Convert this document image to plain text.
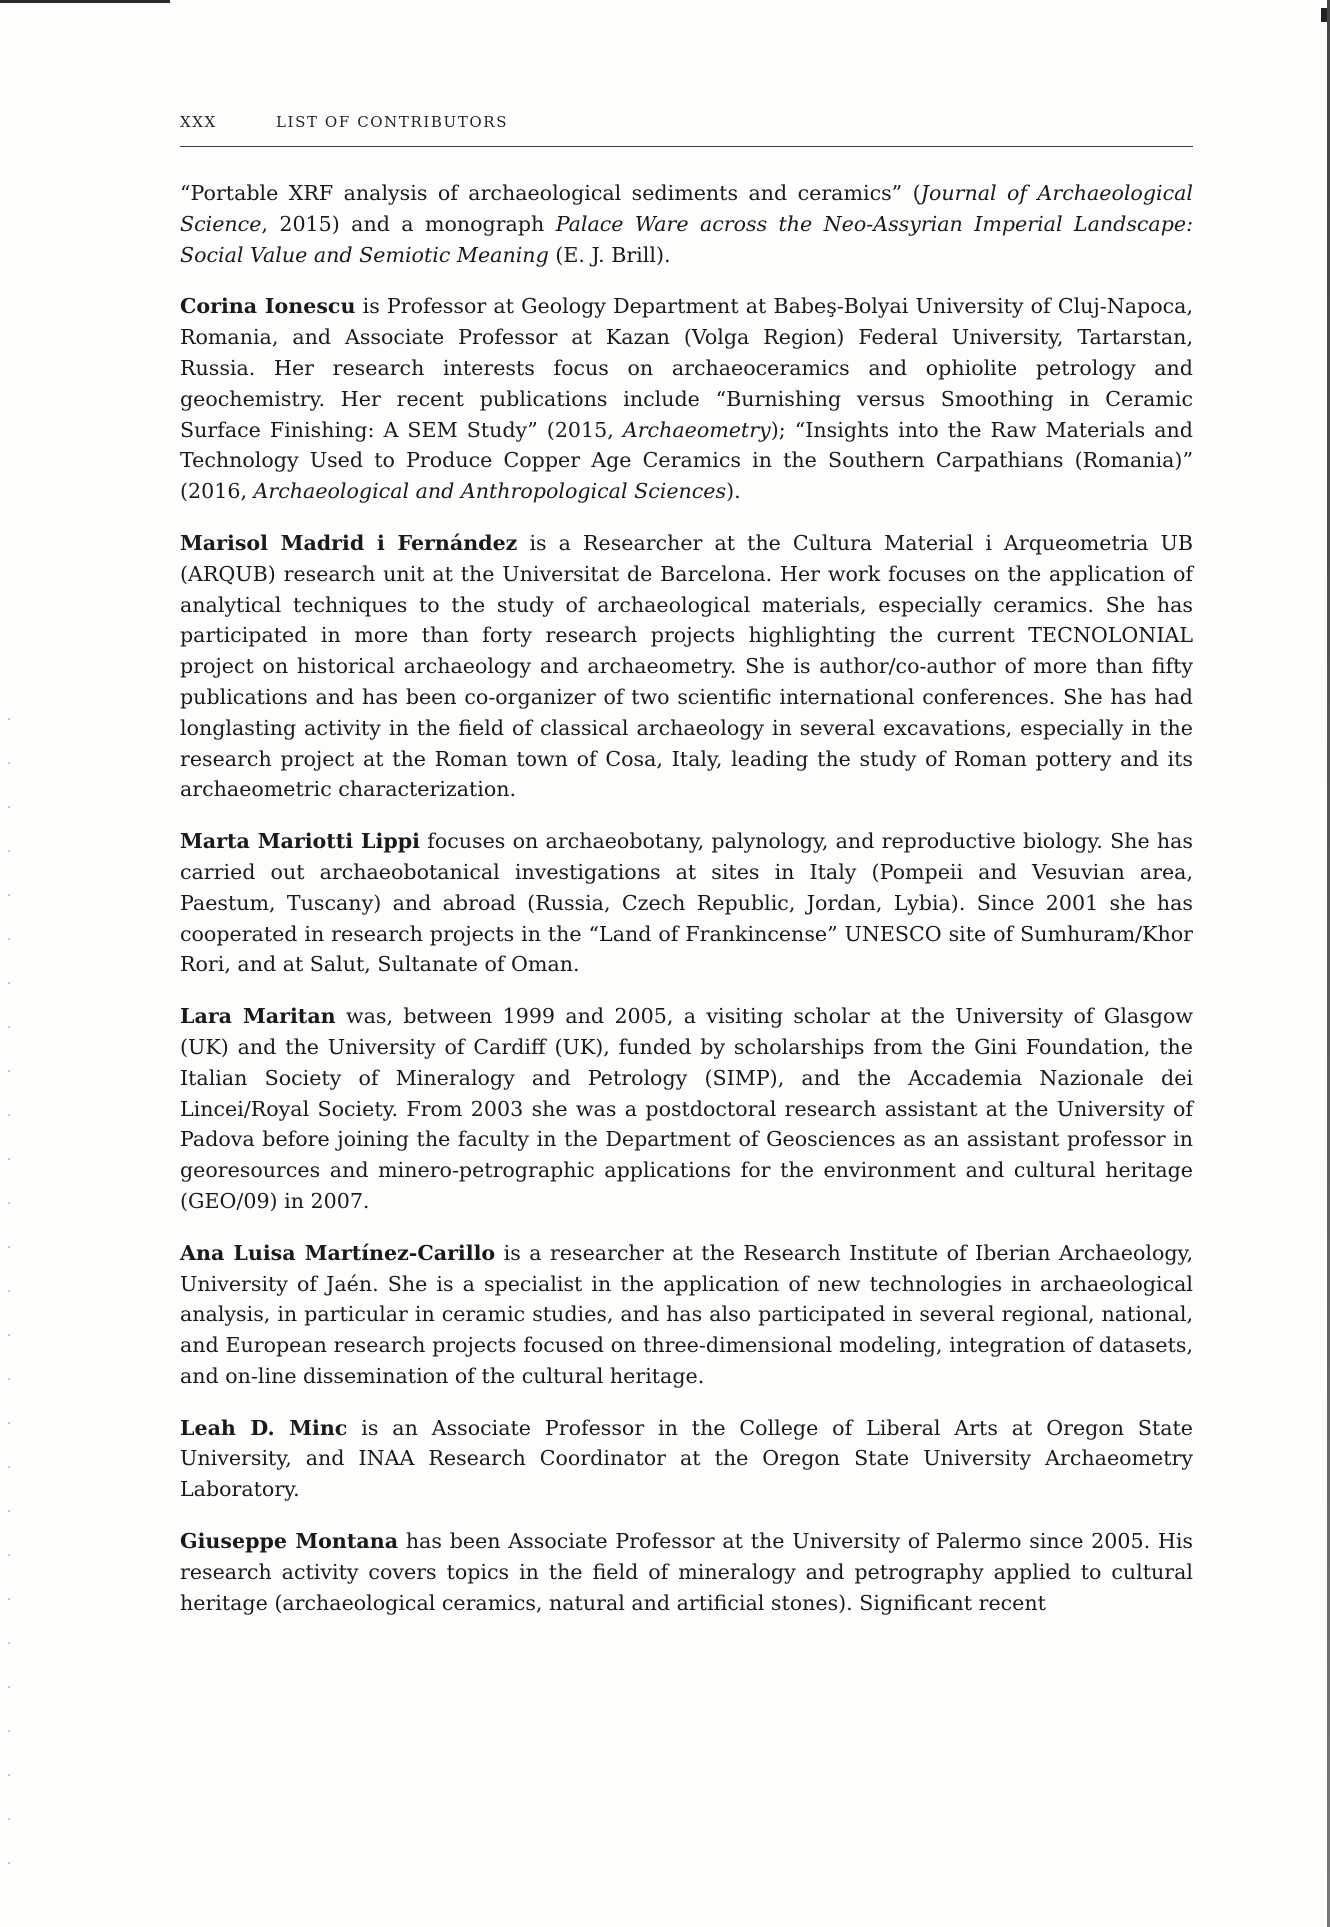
XXX	LIST OF CONTRIBUTORS

“Portable XRF analysis of archaeological sediments and ceramics” (Journal of Archaeological Science, 2015) and a monograph Palace Ware across the Neo-Assyrian Imperial Landscape: Social Value and Semiotic Meaning (E. J. Brill).

Corina Ionescu is Professor at Geology Department at Babeş-Bolyai University of Cluj-Napoca, Romania, and Associate Professor at Kazan (Volga Region) Federal University, Tartarstan, Russia. Her research interests focus on archaeoceramics and ophiolite petrology and geochemistry. Her recent publications include “Burnishing versus Smoothing in Ceramic Surface Finishing: A SEM Study” (2015, Archaeometry); “Insights into the Raw Materials and Technology Used to Produce Copper Age Ceramics in the Southern Carpathians (Romania)” (2016, Archaeological and Anthropological Sciences).

Marisol Madrid i Fernández is a Researcher at the Cultura Material i Arqueometria UB (ARQUB) research unit at the Universitat de Barcelona. Her work focuses on the application of analytical techniques to the study of archaeological materials, especially ceramics. She has participated in more than forty research projects highlighting the current TECNOLONIAL project on historical archaeology and archaeometry. She is author/co-author of more than fifty publications and has been co-organizer of two scientific international conferences. She has had longlasting activity in the field of classical archaeology in several excavations, especially in the research project at the Roman town of Cosa, Italy, leading the study of Roman pottery and its archaeometric characterization.

Marta Mariotti Lippi focuses on archaeobotany, palynology, and reproductive biology. She has carried out archaeobotanical investigations at sites in Italy (Pompeii and Vesuvian area, Paestum, Tuscany) and abroad (Russia, Czech Republic, Jordan, Lybia). Since 2001 she has cooperated in research projects in the “Land of Frankincense” UNESCO site of Sumhuram/Khor Rori, and at Salut, Sultanate of Oman.

Lara Maritan was, between 1999 and 2005, a visiting scholar at the University of Glasgow (UK) and the University of Cardiff (UK), funded by scholarships from the Gini Foundation, the Italian Society of Mineralogy and Petrology (SIMP), and the Accademia Nazionale dei Lincei/Royal Society. From 2003 she was a postdoctoral research assistant at the University of Padova before joining the faculty in the Department of Geosciences as an assistant professor in georesources and minero-petrographic applications for the environment and cultural heritage (GEO/09) in 2007.

Ana Luisa Martínez-Carillo is a researcher at the Research Institute of Iberian Archaeology, University of Jaén. She is a specialist in the application of new technologies in archaeological analysis, in particular in ceramic studies, and has also participated in several regional, national, and European research projects focused on three-dimensional modeling, integration of datasets, and on-line dissemination of the cultural heritage.

Leah D. Minc is an Associate Professor in the College of Liberal Arts at Oregon State University, and INAA Research Coordinator at the Oregon State University Archaeometry Laboratory.

Giuseppe Montana has been Associate Professor at the University of Palermo since 2005. His research activity covers topics in the field of mineralogy and petrography applied to cultural heritage (archaeological ceramics, natural and artificial stones). Significant recent
